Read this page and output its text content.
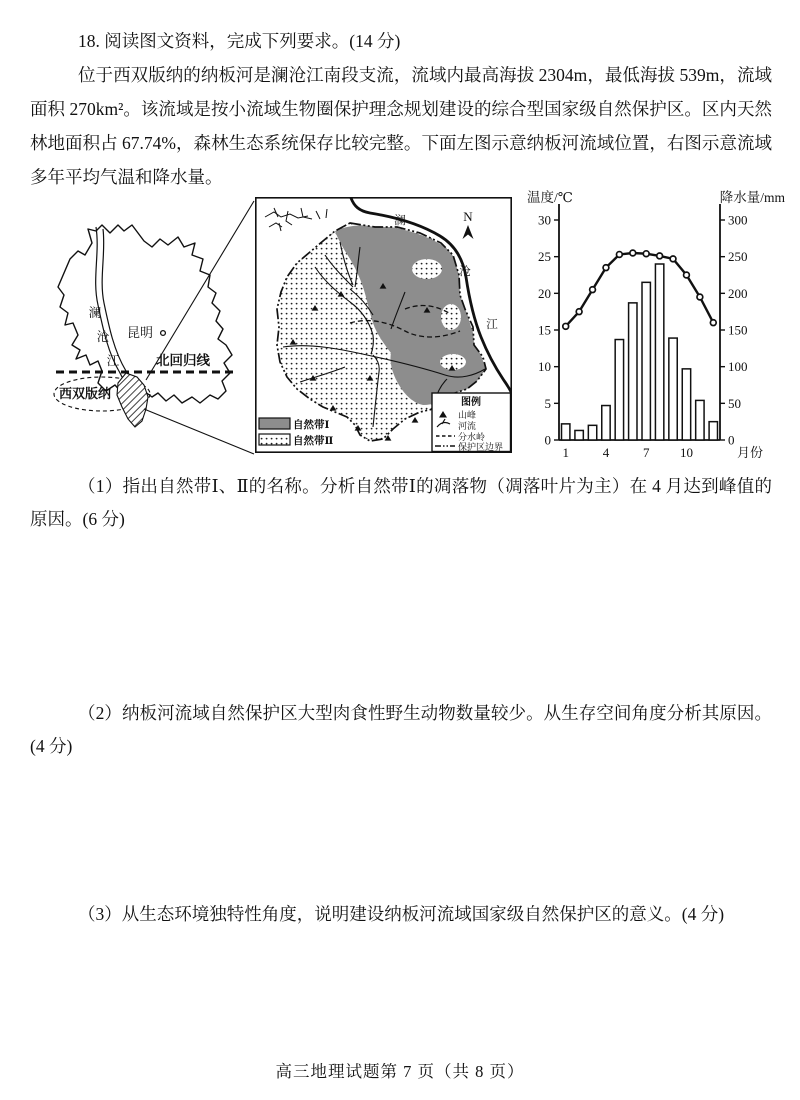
18. 阅读图文资料，完成下列要求。(14 分)
位于西双版纳的纳板河是澜沧江南段支流，流域内最高海拔 2304m，最低海拔 539m，流域面积 270km²。该流域是按小流域生物圈保护理念规划建设的综合型国家级自然保护区。区内天然林地面积占 67.74%，森林生态系统保存比较完整。下面左图示意纳板河流域位置，右图示意流域多年平均气温和降水量。
澜
沧
江
昆明
北回归线
西双版纳
N
澜
沧
江
图例
山峰
河流
分水岭
保护区边界
自然带Ⅰ
自然带Ⅱ
温度/℃	降水量/mm
月份
0
5
10
15
20
25
30
0
50
100
150
200
250
300
1	4	7 10
（1）指出自然带Ⅰ、Ⅱ的名称。分析自然带Ⅰ的凋落物（凋落叶片为主）在 4 月达到峰值的原因。(6 分)
（2）纳板河流域自然保护区大型肉食性野生动物数量较少。从生存空间角度分析其原因。(4 分)
（3）从生态环境独特性角度，说明建设纳板河流域国家级自然保护区的意义。(4 分)
高三地理试题第 7 页（共 8 页）
